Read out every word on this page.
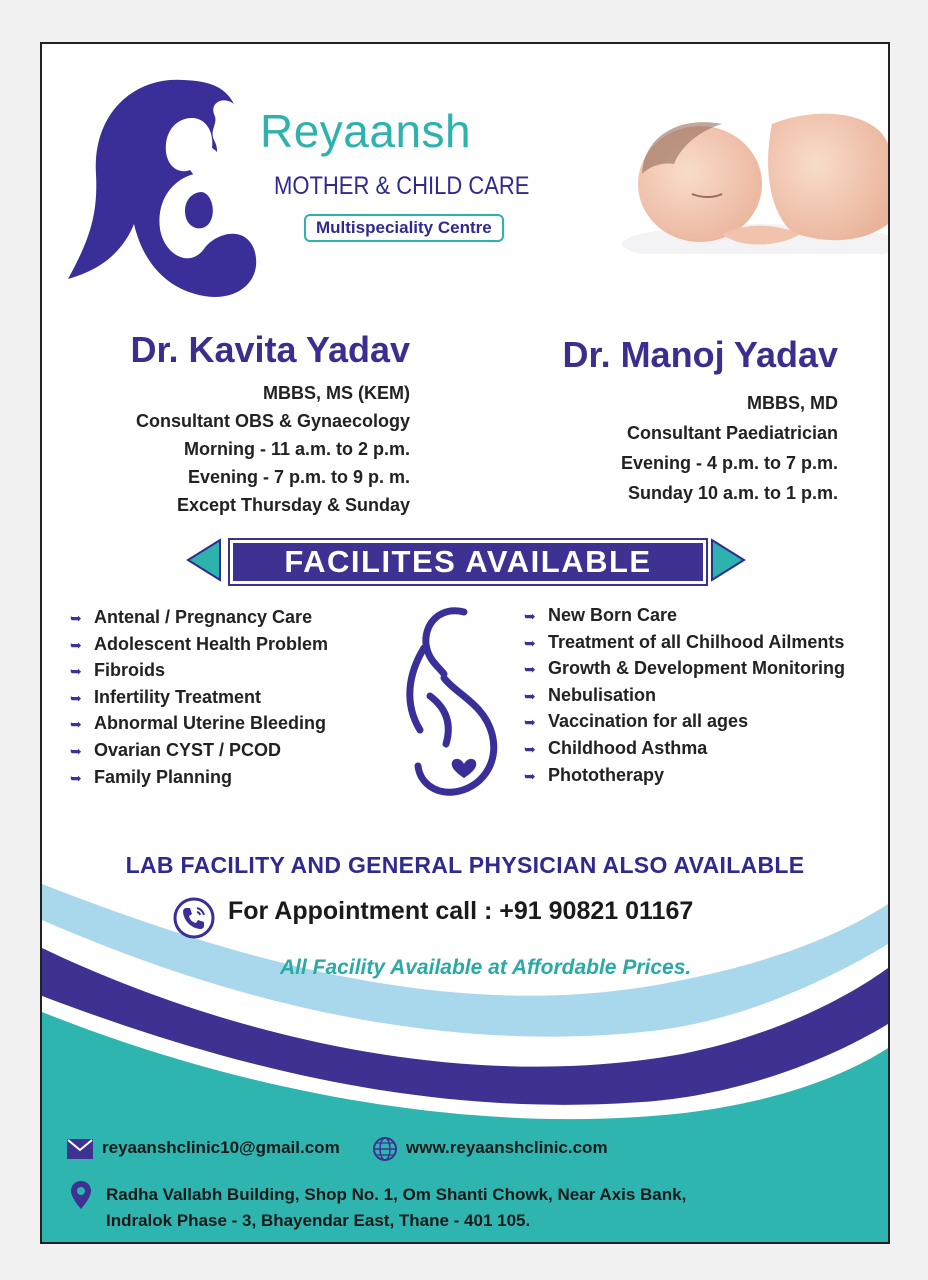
Reyaansh
MOTHER & CHILD CARE
Multispeciality Centre
Dr. Kavita Yadav
MBBS, MS (KEM)
Consultant OBS & Gynaecology
Morning - 11 a.m. to 2 p.m.
Evening - 7 p.m. to 9 p. m.
Except Thursday & Sunday
Dr. Manoj Yadav
MBBS, MD
Consultant Paediatrician
Evening - 4 p.m. to 7 p.m.
Sunday 10 a.m. to 1 p.m.
FACILITES AVAILABLE
➥ Antenal / Pregnancy Care
➥ Adolescent Health Problem
➥ Fibroids
➥ Infertility Treatment
➥ Abnormal Uterine Bleeding
➥ Ovarian CYST / PCOD
➥ Family Planning
➥ New Born Care
➥ Treatment of all Chilhood Ailments
➥ Growth & Development Monitoring
➥ Nebulisation
➥ Vaccination for all ages
➥ Childhood Asthma
➥ Phototherapy
LAB FACILITY AND GENERAL PHYSICIAN ALSO AVAILABLE
For Appointment call : +91 90821 01167
All Facility Available at Affordable Prices.
reyaanshclinic10@gmail.com	www.reyaanshclinic.com
Radha Vallabh Building, Shop No. 1, Om Shanti Chowk, Near Axis Bank,
Indralok Phase - 3, Bhayendar East, Thane - 401 105.
